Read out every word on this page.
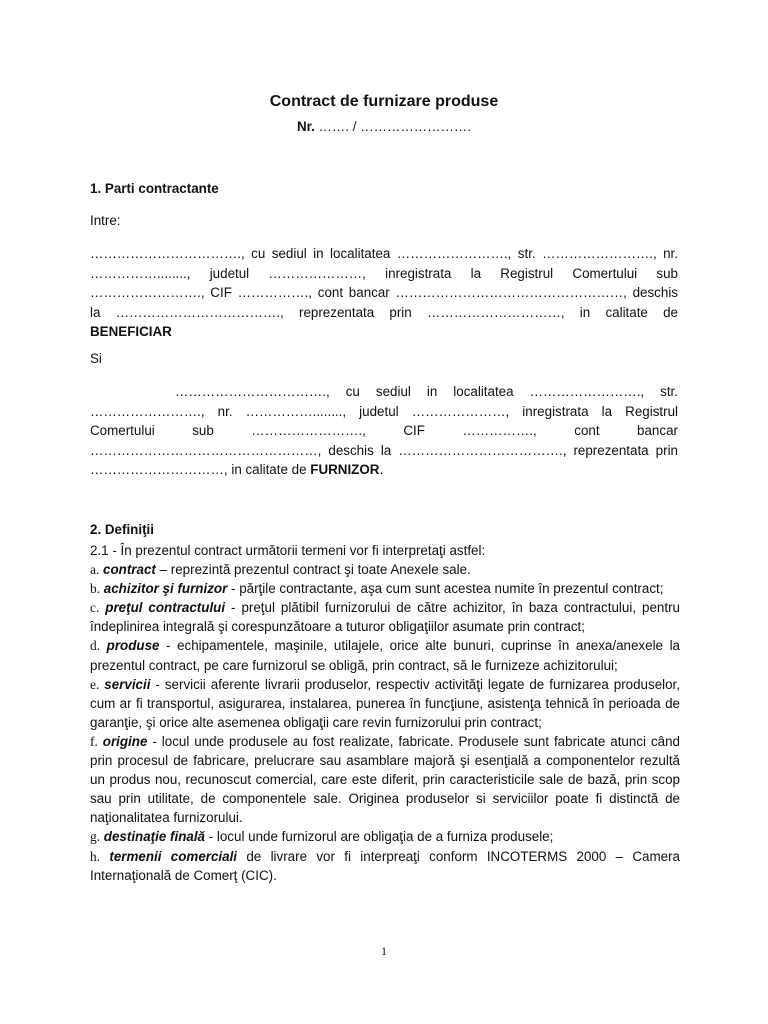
Contract de furnizare produse
Nr. ……. / …………………….
1. Parti contractante
Intre:
……………………………., cu sediul in localitatea ……………………., str. ……………………., nr. ……………........, judetul …………………, inregistrata la Registrul Comertului sub ……………………., CIF ……………., cont bancar ……………………………………………, deschis la ………………………………., reprezentata prin …………………………, in calitate de BENEFICIAR
Si
……………………………., cu sediul in localitatea ……………………., str. ……………………., nr. ……………........, judetul …………………, inregistrata la Registrul Comertului sub ……………………., CIF ……………., cont bancar ……………………………………………, deschis la ………………………………., reprezentata prin …………………………, in calitate de FURNIZOR.
2. Definiţii
2.1 - În prezentul contract următorii termeni vor fi interpretaţi astfel:
a. contract – reprezintă prezentul contract şi toate Anexele sale.
b. achizitor şi furnizor - părţile contractante, aşa cum sunt acestea numite în prezentul contract;
c. preţul contractului - preţul plătibil furnizorului de către achizitor, în baza contractului, pentru îndeplinirea integrală şi corespunzătoare a tuturor obligaţiilor asumate prin contract;
d. produse - echipamentele, maşinile, utilajele, orice alte bunuri, cuprinse în anexa/anexele la prezentul contract, pe care furnizorul se obligă, prin contract, să le furnizeze achizitorului;
e. servicii - servicii aferente livrarii produselor, respectiv activităţi legate de furnizarea produselor, cum ar fi transportul, asigurarea, instalarea, punerea în funcţiune, asistenţa tehnică în perioada de garanţie, şi orice alte asemenea obligaţii care revin furnizorului prin contract;
f. origine - locul unde produsele au fost realizate, fabricate. Produsele sunt fabricate atunci când prin procesul de fabricare, prelucrare sau asamblare majoră şi esenţială a componentelor rezultă un produs nou, recunoscut comercial, care este diferit, prin caracteristicile sale de bază, prin scop sau prin utilitate, de componentele sale. Originea produselor si serviciilor poate fi distinctă de naţionalitatea furnizorului.
g. destinaţie finală - locul unde furnizorul are obligaţia de a furniza produsele;
h. termenii comerciali de livrare vor fi interpreaţi conform INCOTERMS 2000 – Camera Internaţională de Comerţ (CIC).
1
